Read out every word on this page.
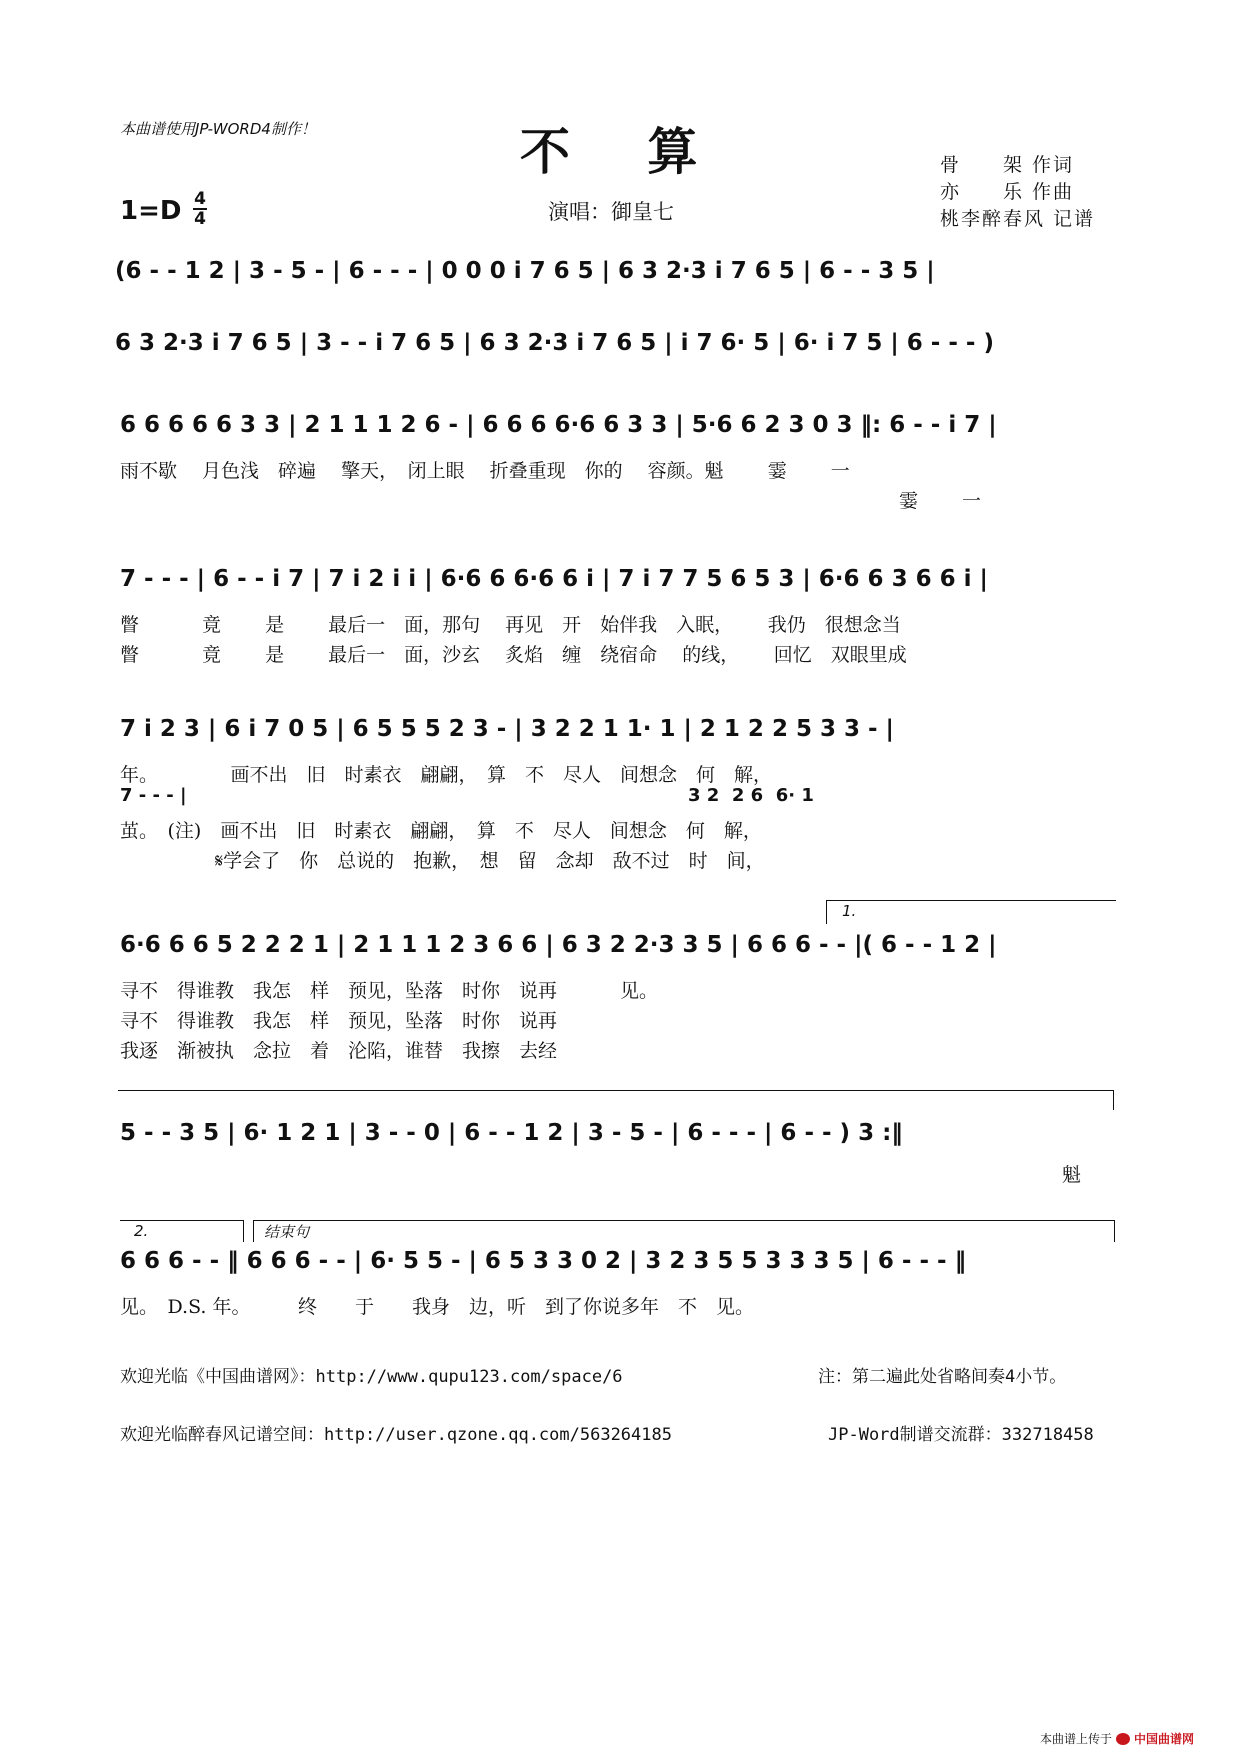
本曲谱使用JP-WORD4制作！	不 算
演唱：御皇七
1=D 4
4
骨　　架 作词
亦　　乐 作曲
桃李醉春风 记谱
(6 - - 1 2 | 3 - 5 - | 6 - - - | 0 0 0 i 7 6 5 | 6 3 2·3 i 7 6 5 | 6 - - 3 5 |
6 3 2·3 i 7 6 5 | 3 - - i 7 6 5 | 6 3 2·3 i 7 6 5 | i 7 6· 5 | 6· i 7 5 | 6 - - - )
6 6 6 6 6 3 3 | 2 1 1 1 2 6 - | 6 6 6 6·6 6 3 3 | 5·6 6 2 3 0 3 ‖: 6 - - i 7 |
雨不歇　 月色浅　碎遍　 擎天，　闭上眼　 折叠重现　你的　 容颜。魁　　 霎　　 一
　　　　　　　　　　　　　　　　　　　　　　　　　　　　　　　　　　　　　　　　　霎　　 一
7 - - - | 6 - - i 7 | 7 i 2 i i | 6·6 6 6·6 6 i | 7 i 7 7 5 6 5 3 | 6·6 6 3 6 6 i |
瞥　　　 竟　　 是　　 最后一　面，那句　 再见　开　始伴我　入眠，　　 我仍　很想念当
瞥　　　 竟　　 是　　 最后一　面，沙玄　 炙焰　缠　绕宿命　 的线，　　 回忆　双眼里成
7 i 2 3 | 6 i 7 0 5 | 6 5 5 5 2 3 - | 3 2 2 1 1· 1 | 2 1 2 2 5 3 3 - |
年。　　　　 画不出　旧　时素衣　翩翩，　算　不　尽人　间想念　何　解，
7 - - - |	3 2  2 6  6· 1
茧。　(注)　画不出　旧　时素衣　翩翩，　算　不　尽人　间想念　何　解，
　　　　　𝄋学会了　你　总说的　抱歉，　想　留　念却　敌不过　时　间，
1.
6·6 6 6 5 2 2 2 1 | 2 1 1 1 2 3 6 6 | 6 3 2 2·3 3 5 | 6 6 6 - - |( 6 - - 1 2 |
寻不　得谁教　我怎　样　预见，坠落　时你　说再　　　 见。
寻不　得谁教　我怎　样　预见，坠落　时你　说再
我逐　渐被执　念拉　着　沦陷，谁替　我擦　去经
5 - - 3 5 | 6· 1 2 1 | 3 - - 0 | 6 - - 1 2 | 3 - 5 - | 6 - - - | 6 - - ) 3 :‖
魁
2.	结束句
6 6 6 - - ‖ 6 6 6 - - | 6· 5 5 - | 6 5 3 3 0 2 | 3 2 3 5 5 3 3 3 5 | 6 - - - ‖
见。　D.S. 年。　　　终　　于　　我身　边，听　到了你说多年　不　见。
欢迎光临《中国曲谱网》：http://www.qupu123.com/space/6	注：第二遍此处省略间奏4小节。
欢迎光临醉春风记谱空间：http://user.qzone.qq.com/563264185	JP-Word制谱交流群：332718458
本曲谱上传于 中国曲谱网
